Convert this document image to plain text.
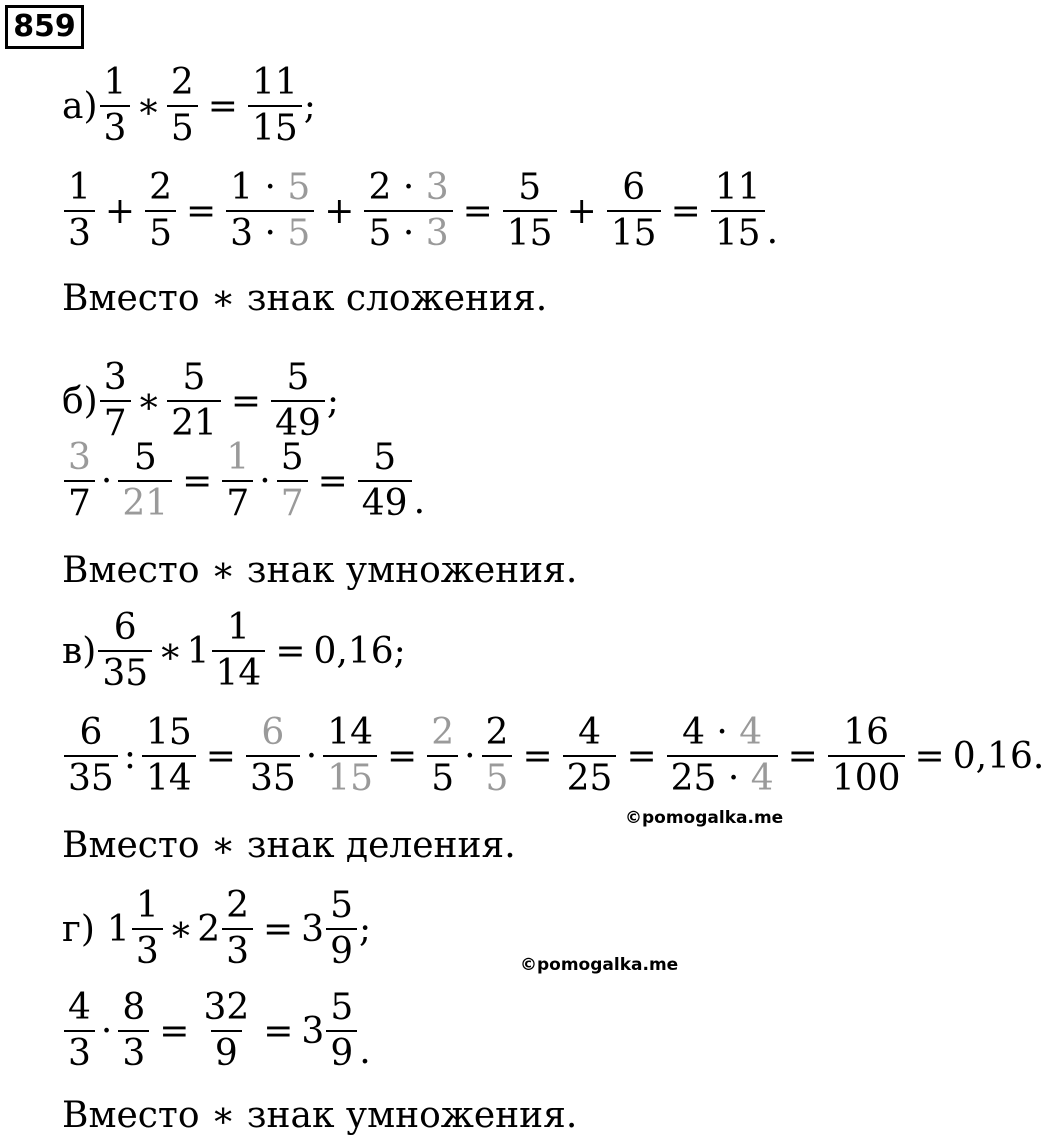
859
$а) \frac{1}{3}$ ∗ $\frac{2}{5} = \frac{11}{15}$ ;
$\frac{1}{3} + \frac{2}{5} = \frac{1 \cdot 5}{3 \cdot 5} + \frac{2 \cdot 3}{5 \cdot 3} = \frac{5}{15} + \frac{6}{15} = \frac{11}{15}$ .
Вместо ∗ знак сложения.
$б) \frac{3}{7}$ ∗ $\frac{5}{21} = \frac{5}{49}$ ;
$\frac{3}{7} \cdot \frac{5}{21} = \frac{1}{7} \cdot \frac{5}{7} = \frac{5}{49}$ .
Вместо ∗ знак умножения.
$в) \frac{6}{35}$ ∗ $1 \frac{1}{14} = 0,16$ ;
$\frac{6}{35}$ : $\frac{15}{14} = \frac{6}{35} \cdot \frac{14}{15} = \frac{2}{5} \cdot \frac{2}{5} = \frac{4}{25} = \frac{4 \cdot 4}{25 \cdot 4} = \frac{16}{100} = 0,16$.
©pomogalka.me
Вместо ∗ знак деления.
г) $1 \frac{1}{3}$ ∗ $2 \frac{2}{3} = 3 \frac{5}{9}$ ;
©pomogalka.me
$\frac{4}{3} \cdot \frac{8}{3} = \frac{32}{9} = 3 \frac{5}{9}$ .
Вместо ∗ знак умножения.
